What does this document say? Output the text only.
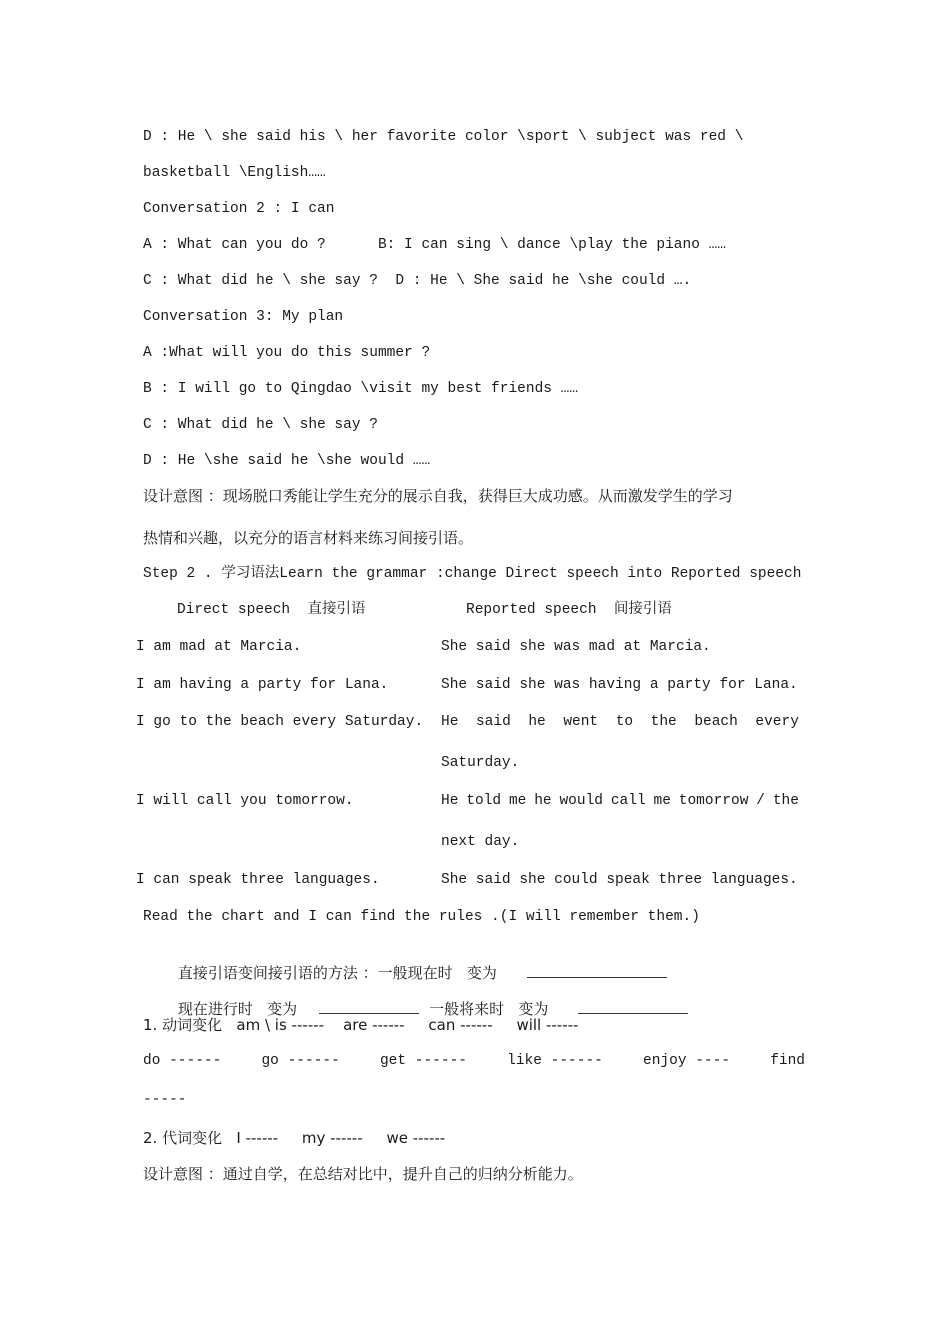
D : He \ she said his \ her favorite color \sport \ subject was red \
basketball \English……
Conversation 2 : I can
A : What can you do ?      B: I can sing \ dance \play the piano ……
C : What did he \ she say ?  D : He \ She said he \she could ….
Conversation 3: My plan
A :What will you do this summer ?
B : I will go to Qingdao \visit my best friends ……
C : What did he \ she say ?
D : He \she said he \she would ……
设计意图 ：现场脱口秀能让学生充分的展示自我，获得巨大成功感。从而激发学生的学习
热情和兴趣，以充分的语言材料来练习间接引语。
Step 2 . 学习语法Learn the grammar :change Direct speech into Reported speech
Direct speech  直接引语	Reported speech  间接引语
I am mad at Marcia.	She said she was mad at Marcia.
I am having a party for Lana.	She said she was having a party for Lana.
I go to the beach every Saturday. He said he went to the beach every
Saturday.
I will call you tomorrow.	He told me he would call me tomorrow / the
next day.
I can speak three languages.	She said she could speak three languages.
Read the chart and I can find the rules .(I will remember them.)

直接引语变间接引语的方法 ：一般现在时   变为

现在进行时   变为	一般将来时   变为

1. 动词变化   am \ is ------    are ------     can ------     will ------
do ------	go ------	get ------	like ------	enjoy ----	find
-----
2. 代词变化   I ------     my ------     we ------
设计意图 ：通过自学，在总结对比中，提升自己的归纳分析能力。
